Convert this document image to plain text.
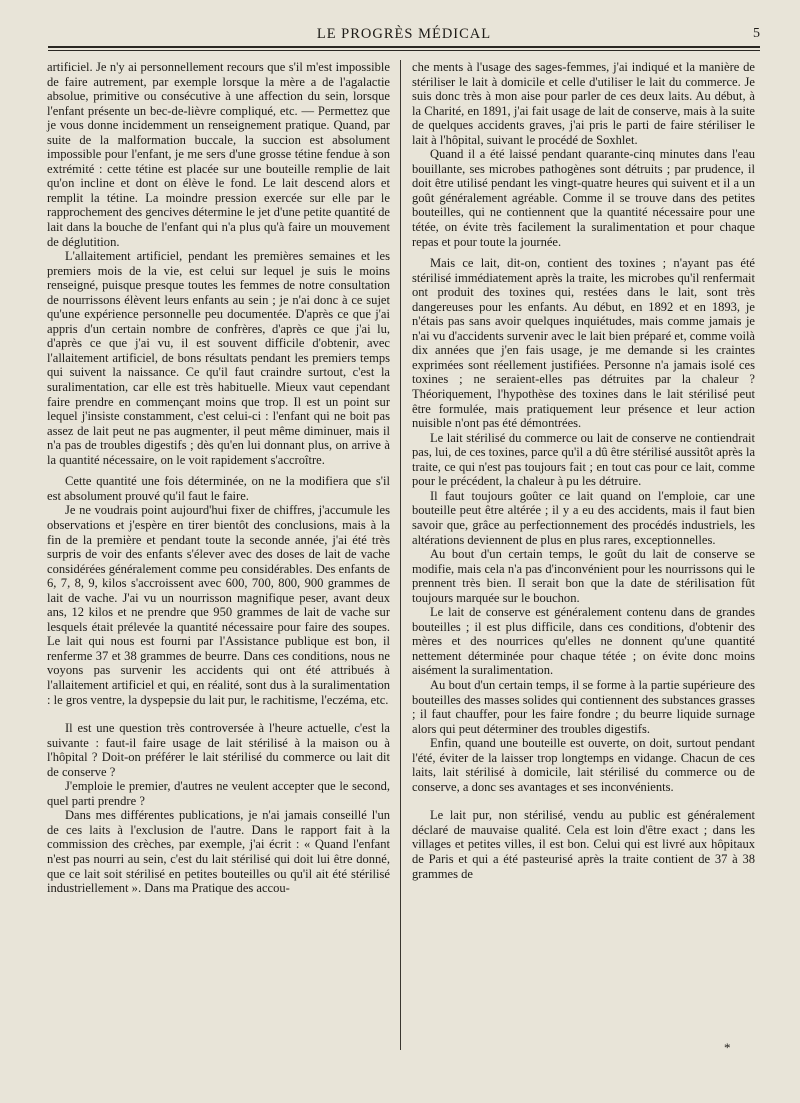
LE PROGRÈS MÉDICAL	5

artificiel. Je n'y ai personnellement recours que s'il m'est impossible de faire autrement, par exemple lorsque la mère a de l'agalactie absolue, primitive ou consécutive à une affection du sein, lorsque l'enfant présente un bec-de-lièvre compliqué, etc. — Permettez que je vous donne incidemment un renseignement pratique. Quand, par suite de la malformation buccale, la succion est absolument impossible pour l'enfant, je me sers d'une grosse tétine fendue à son extrémité : cette tétine est placée sur une bouteille remplie de lait qu'on incline et dont on élève le fond. Le lait descend alors et remplit la tétine. La moindre pression exercée sur elle par le rapprochement des gencives détermine le jet d'une petite quantité de lait dans la bouche de l'enfant qui n'a plus qu'à faire un mouvement de déglutition.

L'allaitement artificiel, pendant les premières semaines et les premiers mois de la vie, est celui sur lequel je suis le moins renseigné, puisque presque toutes les femmes de notre consultation de nourrissons élèvent leurs enfants au sein ; je n'ai donc à ce sujet qu'une expérience personnelle peu documentée. D'après ce que j'ai appris d'un certain nombre de confrères, d'après ce que j'ai lu, d'après ce que j'ai vu, il est souvent difficile d'obtenir, avec l'allaitement artificiel, de bons résultats pendant les premiers temps qui suivent la naissance. Ce qu'il faut craindre surtout, c'est la suralimentation, car elle est très habituelle. Mieux vaut cependant faire prendre en commençant moins que trop. Il est un point sur lequel j'insiste constamment, c'est celui-ci : l'enfant qui ne boit pas assez de lait peut ne pas augmenter, il peut même diminuer, mais il n'a pas de troubles digestifs ; dès qu'en lui donnant plus, on arrive à la quantité nécessaire, on le voit rapidement s'accroître.

Cette quantité une fois déterminée, on ne la modifiera que s'il est absolument prouvé qu'il faut le faire.

Je ne voudrais point aujourd'hui fixer de chiffres, j'accumule les observations et j'espère en tirer bientôt des conclusions, mais à la fin de la première et pendant toute la seconde année, j'ai été très surpris de voir des enfants s'élever avec des doses de lait de vache considérées généralement comme peu considérables. Des enfants de 6, 7, 8, 9, kilos s'accroissent avec 600, 700, 800, 900 grammes de lait de vache. J'ai vu un nourrisson magnifique peser, avant deux ans, 12 kilos et ne prendre que 950 grammes de lait de vache sur lesquels était prélevée la quantité nécessaire pour faire des soupes. Le lait qui nous est fourni par l'Assistance publique est bon, il renferme 37 et 38 grammes de beurre. Dans ces conditions, nous ne voyons pas survenir les accidents qui ont été attribués à l'allaitement artificiel et qui, en réalité, sont dus à la suralimentation : le gros ventre, la dyspepsie du lait pur, le rachitisme, l'eczéma, etc.

Il est une question très controversée à l'heure actuelle, c'est la suivante : faut-il faire usage de lait stérilisé à la maison ou à l'hôpital ? Doit-on préférer le lait stérilisé du commerce ou lait dit de conserve ?

J'emploie le premier, d'autres ne veulent accepter que le second, quel parti prendre ?

Dans mes différentes publications, je n'ai jamais conseillé l'un de ces laits à l'exclusion de l'autre. Dans le rapport fait à la commission des crèches, par exemple, j'ai écrit : « Quand l'enfant n'est pas nourri au sein, c'est du lait stérilisé qui doit lui être donné, que ce lait soit stérilisé en petites bouteilles ou qu'il ait été stérilisé industriellement ». Dans ma Pratique des accou-

che ments à l'usage des sages-femmes, j'ai indiqué et la manière de stériliser le lait à domicile et celle d'utiliser le lait du commerce. Je suis donc très à mon aise pour parler de ces deux laits. Au début, à la Charité, en 1891, j'ai fait usage de lait de conserve, mais à la suite de quelques accidents graves, j'ai pris le parti de faire stériliser le lait à l'hôpital, suivant le procédé de Soxhlet.

Quand il a été laissé pendant quarante-cinq minutes dans l'eau bouillante, ses microbes pathogènes sont détruits ; par prudence, il doit être utilisé pendant les vingt-quatre heures qui suivent et il a un goût généralement agréable. Comme il se trouve dans des petites bouteilles, qui ne contiennent que la quantité nécessaire pour une tétée, on évite très facilement la suralimentation et pour chaque repas et pour toute la journée.

Mais ce lait, dit-on, contient des toxines ; n'ayant pas été stérilisé immédiatement après la traite, les microbes qu'il renfermait ont produit des toxines qui, restées dans le lait, sont très dangereuses pour les enfants. Au début, en 1892 et en 1893, je n'étais pas sans avoir quelques inquiétudes, mais comme jamais je n'ai vu d'accidents survenir avec le lait bien préparé et, comme voilà dix années que j'en fais usage, je me demande si les craintes exprimées sont réellement justifiées. Personne n'a jamais isolé ces toxines ; ne seraient-elles pas détruites par la chaleur ? Théoriquement, l'hypothèse des toxines dans le lait stérilisé peut être formulée, mais pratiquement leur présence et leur action nuisible n'ont pas été démontrées.

Le lait stérilisé du commerce ou lait de conserve ne contiendrait pas, lui, de ces toxines, parce qu'il a dû être stérilisé aussitôt après la traite, ce qui n'est pas toujours fait ; en tout cas pour ce lait, comme pour le précédent, la chaleur à pu les détruire.

Il faut toujours goûter ce lait quand on l'emploie, car une bouteille peut être altérée ; il y a eu des accidents, mais il faut bien savoir que, grâce au perfectionnement des procédés industriels, les altérations deviennent de plus en plus rares, exceptionnelles.

Au bout d'un certain temps, le goût du lait de conserve se modifie, mais cela n'a pas d'inconvénient pour les nourrissons qui le prennent très bien. Il serait bon que la date de stérilisation fût toujours marquée sur le bouchon.

Le lait de conserve est généralement contenu dans de grandes bouteilles ; il est plus difficile, dans ces conditions, d'obtenir des mères et des nourrices qu'elles ne donnent qu'une quantité nettement déterminée pour chaque tétée ; on évite donc moins aisément la suralimentation.

Au bout d'un certain temps, il se forme à la partie supérieure des bouteilles des masses solides qui contiennent des substances grasses ; il faut chauffer, pour les faire fondre ; du beurre liquide surnage alors qui peut déterminer des troubles digestifs.

Enfin, quand une bouteille est ouverte, on doit, surtout pendant l'été, éviter de la laisser trop longtemps en vidange. Chacun de ces laits, lait stérilisé à domicile, lait stérilisé du commerce ou de conserve, a donc ses avantages et ses inconvénients.

Le lait pur, non stérilisé, vendu au public est généralement déclaré de mauvaise qualité. Cela est loin d'être exact ; dans les villages et petites villes, il est bon. Celui qui est livré aux hôpitaux de Paris et qui a été pasteurisé après la traite contient de 37 à 38 grammes de

*
